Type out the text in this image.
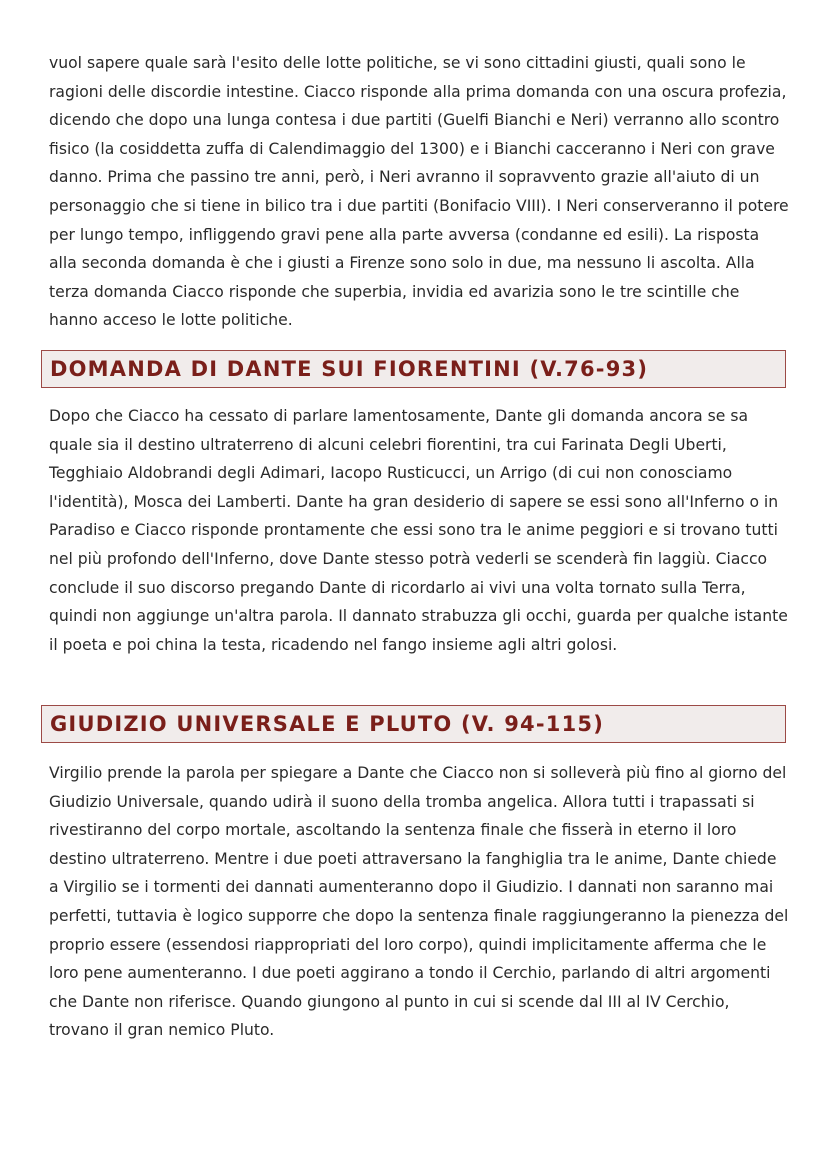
vuol sapere quale sarà l'esito delle lotte politiche, se vi sono cittadini giusti, quali sono le ragioni delle discordie intestine. Ciacco risponde alla prima domanda con una oscura profezia, dicendo che dopo una lunga contesa i due partiti (Guelfi Bianchi e Neri) verranno allo scontro fisico (la cosiddetta zuffa di Calendimaggio del 1300) e i Bianchi cacceranno i Neri con grave danno. Prima che passino tre anni, però, i Neri avranno il sopravvento grazie all'aiuto di un personaggio che si tiene in bilico tra i due partiti (Bonifacio VIII). I Neri conserveranno il potere per lungo tempo, infliggendo gravi pene alla parte avversa (condanne ed esili). La risposta alla seconda domanda è che i giusti a Firenze sono solo in due, ma nessuno li ascolta. Alla terza domanda Ciacco risponde che superbia, invidia ed avarizia sono le tre scintille che hanno acceso le lotte politiche.

DOMANDA DI DANTE SUI FIORENTINI (V.76-93)

Dopo che Ciacco ha cessato di parlare lamentosamente, Dante gli domanda ancora se sa quale sia il destino ultraterreno di alcuni celebri fiorentini, tra cui Farinata Degli Uberti, Tegghiaio Aldobrandi degli Adimari, Iacopo Rusticucci, un Arrigo (di cui non conosciamo l'identità), Mosca dei Lamberti. Dante ha gran desiderio di sapere se essi sono all'Inferno o in Paradiso e Ciacco risponde prontamente che essi sono tra le anime peggiori e si trovano tutti nel più profondo dell'Inferno, dove Dante stesso potrà vederli se scenderà fin laggiù. Ciacco conclude il suo discorso pregando Dante di ricordarlo ai vivi una volta tornato sulla Terra, quindi non aggiunge un'altra parola. Il dannato strabuzza gli occhi, guarda per qualche istante il poeta e poi china la testa, ricadendo nel fango insieme agli altri golosi.

GIUDIZIO UNIVERSALE E PLUTO (V. 94-115)

Virgilio prende la parola per spiegare a Dante che Ciacco non si solleverà più fino al giorno del Giudizio Universale, quando udirà il suono della tromba angelica. Allora tutti i trapassati si rivestiranno del corpo mortale, ascoltando la sentenza finale che fisserà in eterno il loro destino ultraterreno. Mentre i due poeti attraversano la fanghiglia tra le anime, Dante chiede a Virgilio se i tormenti dei dannati aumenteranno dopo il Giudizio. I dannati non saranno mai perfetti, tuttavia è logico supporre che dopo la sentenza finale raggiungeranno la pienezza del proprio essere (essendosi riappropriati del loro corpo), quindi implicitamente afferma che le loro pene aumenteranno. I due poeti aggirano a tondo il Cerchio, parlando di altri argomenti che Dante non riferisce. Quando giungono al punto in cui si scende dal III al IV Cerchio, trovano il gran nemico Pluto.
